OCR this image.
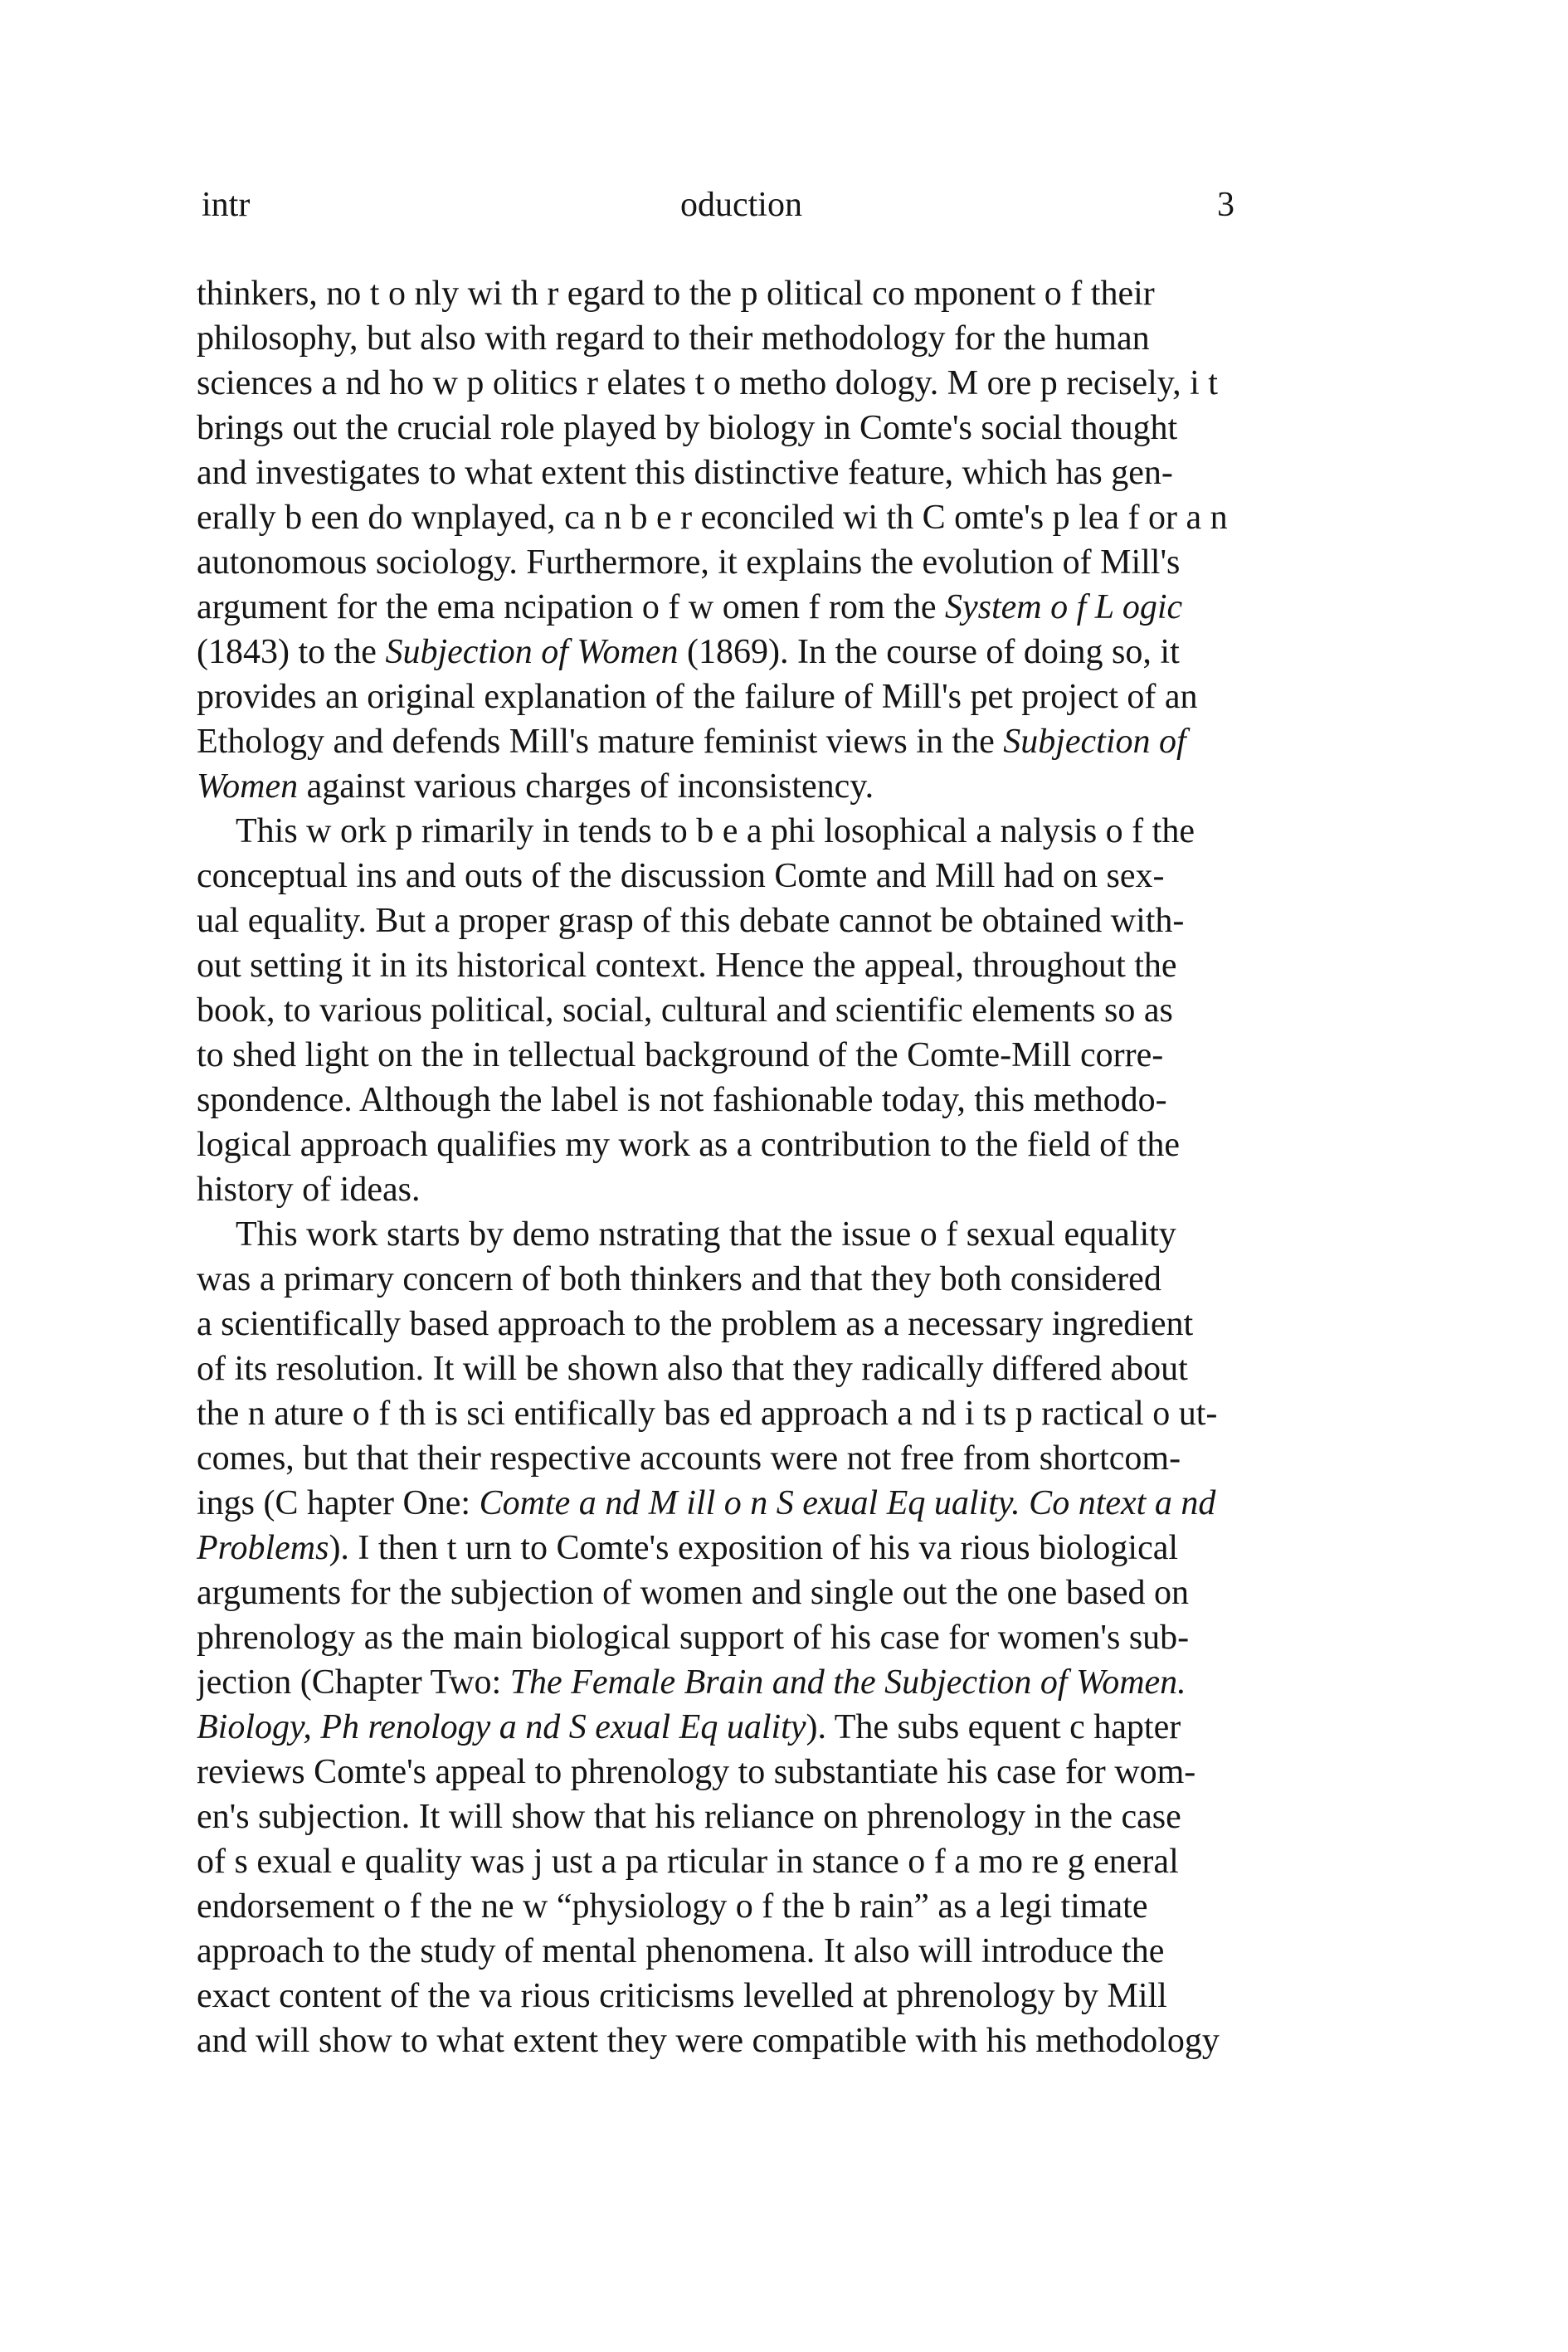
intr	oduction	3
thinkers, no t o nly wi th r egard to the p olitical co mponent o f their
philosophy, but also with regard to their methodology for the human
sciences a nd ho w p olitics r elates t o metho dology. M ore p recisely, i t
brings out the crucial role played by biology in Comte's social thought
and investigates to what extent this distinctive feature, which has gen-
erally b een do wnplayed, ca n b e r econciled wi th C omte's p lea f or a n
autonomous sociology. Furthermore, it explains the evolution of Mill's
argument for the ema ncipation o f w omen f rom the System o f L ogic
(1843) to the Subjection of Women (1869). In the course of doing so, it
provides an original explanation of the failure of Mill's pet project of an
Ethology and defends Mill's mature feminist views in the Subjection of
Women against various charges of inconsistency.
This w ork p rimarily in tends to b e a phi losophical a nalysis o f the
conceptual ins and outs of the discussion Comte and Mill had on sex-
ual equality. But a proper grasp of this debate cannot be obtained with-
out setting it in its historical context. Hence the appeal, throughout the
book, to various political, social, cultural and scientific elements so as
to shed light on the in tellectual background of the Comte-Mill corre-
spondence. Although the label is not fashionable today, this methodo-
logical approach qualifies my work as a contribution to the field of the
history of ideas.
This work starts by demo nstrating that the issue o f sexual equality
was a primary concern of both thinkers and that they both considered
a scientifically based approach to the problem as a necessary ingredient
of its resolution. It will be shown also that they radically differed about
the n ature o f th is sci entifically bas ed approach a nd i ts p ractical o ut-
comes, but that their respective accounts were not free from shortcom-
ings (C hapter One: Comte a nd M ill o n S exual Eq uality. Co ntext a nd
Problems). I then t urn to Comte's exposition of his va rious biological
arguments for the subjection of women and single out the one based on
phrenology as the main biological support of his case for women's sub-
jection (Chapter Two: The Female Brain and the Subjection of Women.
Biology, Ph renology a nd S exual Eq uality). The subs equent c hapter
reviews Comte's appeal to phrenology to substantiate his case for wom-
en's subjection. It will show that his reliance on phrenology in the case
of s exual e quality was j ust a pa rticular in stance o f a mo re g eneral
endorsement o f the ne w “physiology o f the b rain” as a legi timate
approach to the study of mental phenomena. It also will introduce the
exact content of the va rious criticisms levelled at phrenology by Mill
and will show to what extent they were compatible with his methodology
